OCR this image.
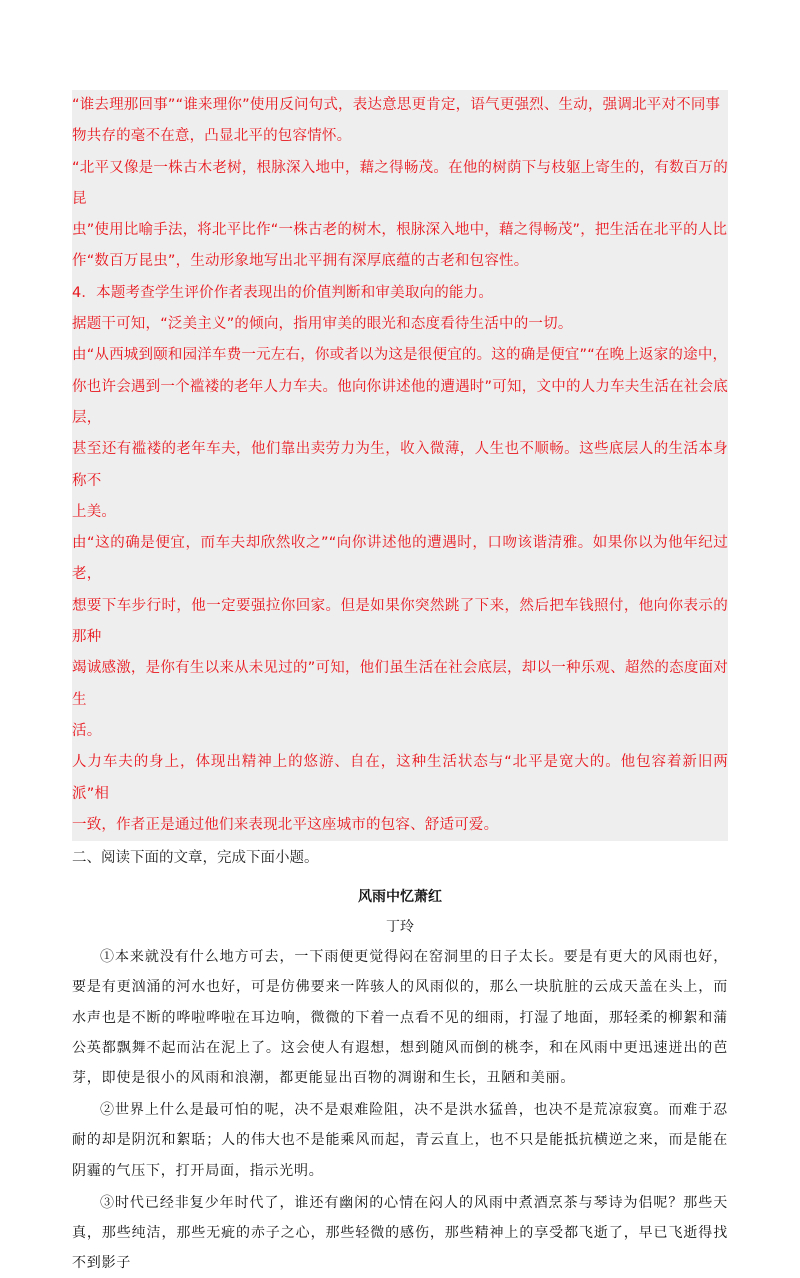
“谁去理那回事”“谁来理你”使用反问句式，表达意思更肯定，语气更强烈、生动，强调北平对不同事

物共存的毫不在意，凸显北平的包容情怀。

“北平又像是一株古木老树，根脉深入地中，藉之得畅茂。在他的树荫下与枝躯上寄生的，有数百万的昆

虫”使用比喻手法，将北平比作“一株古老的树木，根脉深入地中，藉之得畅茂”，把生活在北平的人比

作“数百万昆虫”，生动形象地写出北平拥有深厚底蕴的古老和包容性。

4．本题考查学生评价作者表现出的价值判断和审美取向的能力。

据题干可知，“泛美主义”的倾向，指用审美的眼光和态度看待生活中的一切。

由“从西城到颐和园洋车费一元左右，你或者以为这是很便宜的。这的确是便宜”“在晚上返家的途中，

你也许会遇到一个褴褛的老年人力车夫。他向你讲述他的遭遇时”可知，文中的人力车夫生活在社会底层，

甚至还有褴褛的老年车夫，他们靠出卖劳力为生，收入微薄，人生也不顺畅。这些底层人的生活本身称不

上美。

由“这的确是便宜，而车夫却欣然收之”“向你讲述他的遭遇时，口吻该谐清雅。如果你以为他年纪过老，

想要下车步行时，他一定要强拉你回家。但是如果你突然跳了下来，然后把车钱照付，他向你表示的那种

竭诚感激，是你有生以来从未见过的”可知，他们虽生活在社会底层，却以一种乐观、超然的态度面对生

活。

人力车夫的身上，体现出精神上的悠游、自在，这种生活状态与“北平是宽大的。他包容着新旧两派”相

一致，作者正是通过他们来表现北平这座城市的包容、舒适可爱。

二、阅读下面的文章，完成下面小题。

风雨中忆萧红

丁玲

①本来就没有什么地方可去，一下雨便更觉得闷在窑洞里的日子太长。要是有更大的风雨也好，要是有更汹涌的河水也好，可是仿佛要来一阵骇人的风雨似的，那么一块肮脏的云成天盖在头上，而水声也是不断的哗啦哗啦在耳边响，微微的下着一点看不见的细雨，打湿了地面，那轻柔的柳絮和蒲公英都飘舞不起而沾在泥上了。这会使人有遐想，想到随风而倒的桃李，和在风雨中更迅速迸出的芭芽，即使是很小的风雨和浪潮，都更能显出百物的凋谢和生长，丑陋和美丽。

②世界上什么是最可怕的呢，决不是艰难险阻，决不是洪水猛兽，也决不是荒凉寂寞。而难于忍耐的却是阴沉和絮聒；人的伟大也不是能乘风而起，青云直上，也不只是能抵抗横逆之来，而是能在阴霾的气压下，打开局面，指示光明。

③时代已经非复少年时代了，谁还有幽闲的心情在闷人的风雨中煮酒烹茶与琴诗为侣呢？那些天真，那些纯洁，那些无疵的赤子之心，那些轻微的感伤，那些精神上的享受都飞逝了，早已飞逝得找不到影子
